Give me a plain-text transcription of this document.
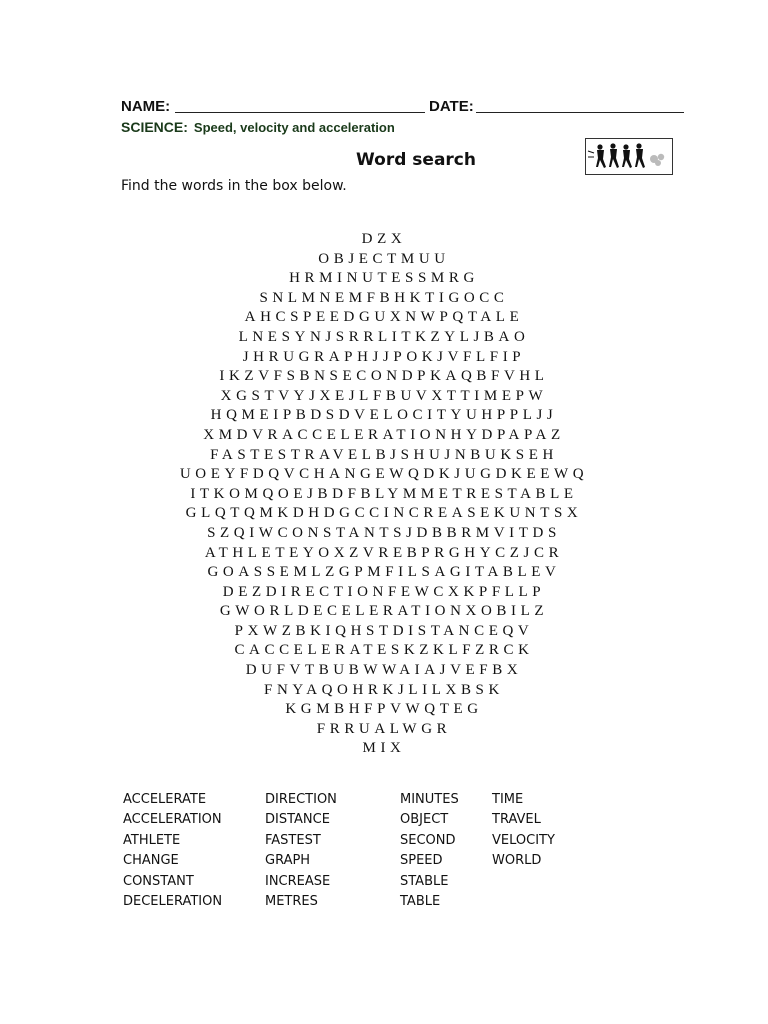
NAME:	DATE:
SCIENCE: Speed, velocity and acceleration
Word search
Find the words in the box below.
DZX
OBJECTMUU
HRMINUTESSMRG
SNLMNEMFBHKTIGOCC
AHCSPEEDGUXNWPQTALE
LNESYNJSRRLITKZYLJBAO
JHRUGRAPHJJPOKJVFLFIP
IKZVFSBNSECONDPKAQBFVHL
XGSTVYJXEJLFBUVXTTIMEPW
HQMEIPBDSDVELOCITYUHPPLJJ
XMDVRACCELERATIONHYDPAPAZ
FASTESTRAVELBJSHUJNBUKSEH
UOEYFDQVCHANGEWQDKJUGDKEEWQ
ITKOMQOEJBDFBLYMMETRESTABLE
GLQTQMKDHDGCCINCREASEKUNTSX
SZQIWCONSTANTSJDBBRMVITDS
ATHLETEYOXZVREBPRGHYCZJCR
GOASSEMLZGPMFILSAGITABLEV
DEZDIRECTIONFEWCXKPFLLP
GWORLDECELERATIONXOBILZ
PXWZBKIQHSTDISTANCEQV
CACCELERATESKZKLFZRCK
DUFVTBUBWWAIAJVEFBX
FNYAQOHRKJLILXBSK
KGMBHFPVWQTEG
FRRUALWGR
MIX
ACCELERATE
ACCELERATION
ATHLETE
CHANGE
CONSTANT
DECELERATION
DIRECTION
DISTANCE
FASTEST
GRAPH
INCREASE
METRES
MINUTES
OBJECT
SECOND
SPEED
STABLE
TABLE
TIME
TRAVEL
VELOCITY
WORLD
